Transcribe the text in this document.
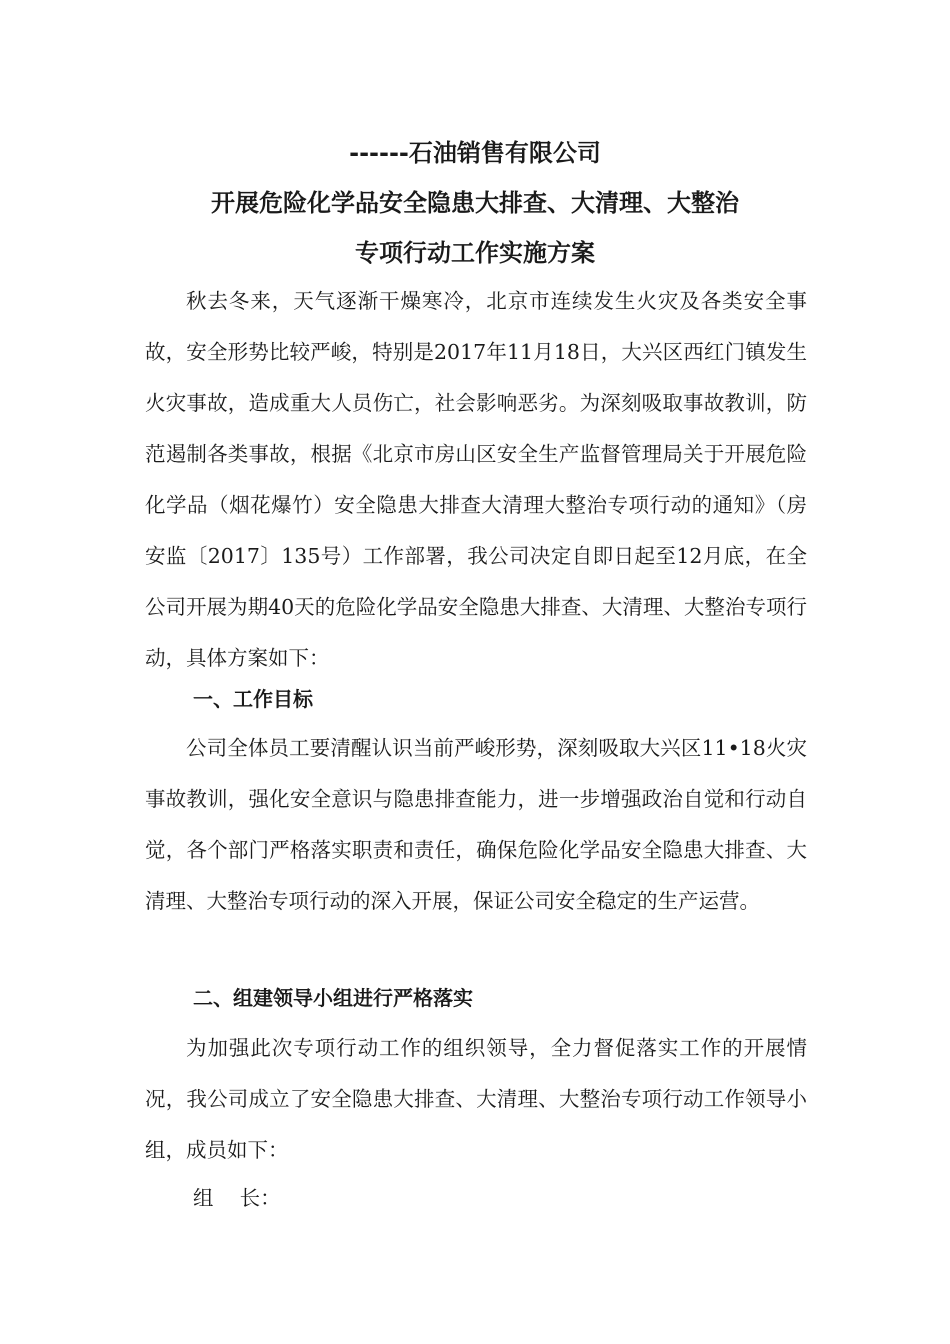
------石油销售有限公司
开展危险化学品安全隐患大排查、大清理、大整治
专项行动工作实施方案

秋去冬来，天气逐渐干燥寒冷，北京市连续发生火灾及各类安全事故，安全形势比较严峻，特别是2017年11月18日，大兴区西红门镇发生火灾事故，造成重大人员伤亡，社会影响恶劣。为深刻吸取事故教训，防范遏制各类事故，根据《北京市房山区安全生产监督管理局关于开展危险化学品（烟花爆竹）安全隐患大排查大清理大整治专项行动的通知》（房安监〔2017〕135号）工作部署，我公司决定自即日起至12月底，在全公司开展为期40天的危险化学品安全隐患大排查、大清理、大整治专项行动，具体方案如下：

一、工作目标

公司全体员工要清醒认识当前严峻形势，深刻吸取大兴区11•18火灾事故教训，强化安全意识与隐患排查能力，进一步增强政治自觉和行动自觉，各个部门严格落实职责和责任，确保危险化学品安全隐患大排查、大清理、大整治专项行动的深入开展，保证公司安全稳定的生产运营。

二、组建领导小组进行严格落实

为加强此次专项行动工作的组织领导，全力督促落实工作的开展情况，我公司成立了安全隐患大排查、大清理、大整治专项行动工作领导小组，成员如下：

组    长：
